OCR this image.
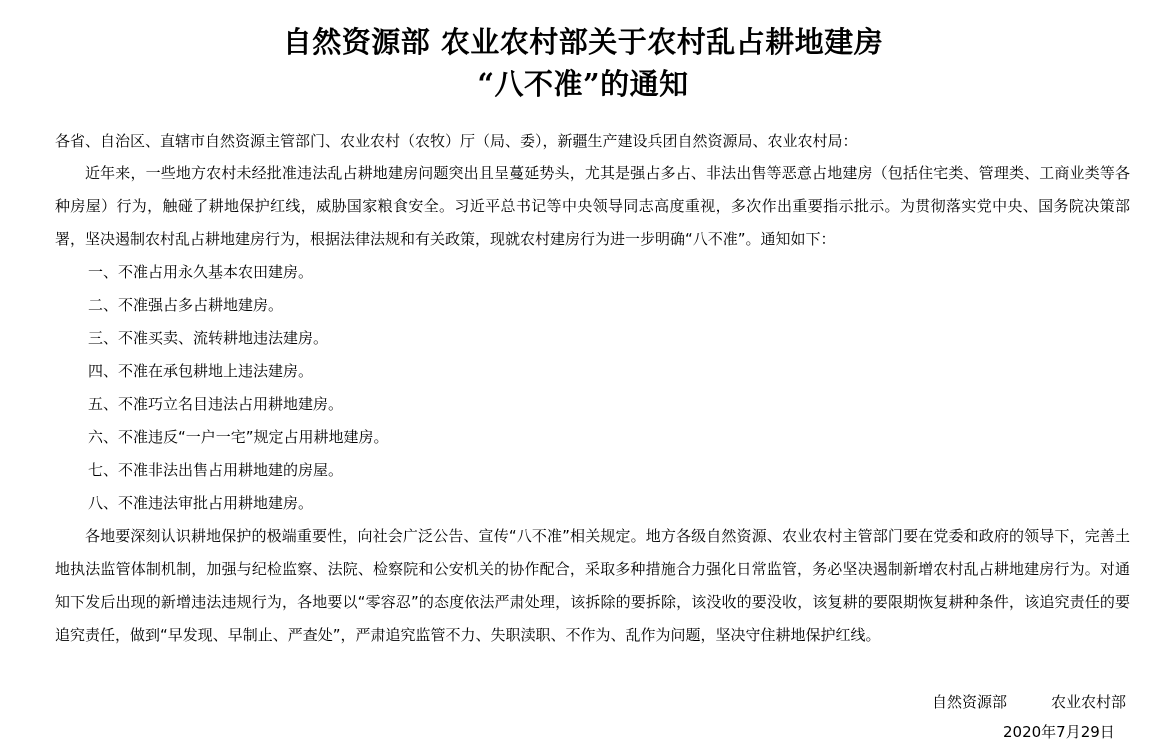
自然资源部 农业农村部关于农村乱占耕地建房
“八不准”的通知
各省、自治区、直辖市自然资源主管部门、农业农村（农牧）厅（局、委），新疆生产建设兵团自然资源局、农业农村局：

近年来，一些地方农村未经批准违法乱占耕地建房问题突出且呈蔓延势头，尤其是强占多占、非法出售等恶意占地建房（包括住宅类、管理类、工商业类等各种房屋）行为，触碰了耕地保护红线，威胁国家粮食安全。习近平总书记等中央领导同志高度重视，多次作出重要指示批示。为贯彻落实党中央、国务院决策部署，坚决遏制农村乱占耕地建房行为，根据法律法规和有关政策，现就农村建房行为进一步明确“八不准”。通知如下：

一、不准占用永久基本农田建房。
二、不准强占多占耕地建房。
三、不准买卖、流转耕地违法建房。
四、不准在承包耕地上违法建房。
五、不准巧立名目违法占用耕地建房。
六、不准违反“一户一宅”规定占用耕地建房。
七、不准非法出售占用耕地建的房屋。
八、不准违法审批占用耕地建房。

各地要深刻认识耕地保护的极端重要性，向社会广泛公告、宣传“八不准”相关规定。地方各级自然资源、农业农村主管部门要在党委和政府的领导下，完善土地执法监管体制机制，加强与纪检监察、法院、检察院和公安机关的协作配合，采取多种措施合力强化日常监管，务必坚决遏制新增农村乱占耕地建房行为。对通知下发后出现的新增违法违规行为，各地要以“零容忍”的态度依法严肃处理，该拆除的要拆除，该没收的要没收，该复耕的要限期恢复耕种条件，该追究责任的要追究责任，做到“早发现、早制止、严查处”，严肃追究监管不力、失职渎职、不作为、乱作为问题，坚决守住耕地保护红线。

自然资源部	农业农村部
2020年7月29日
